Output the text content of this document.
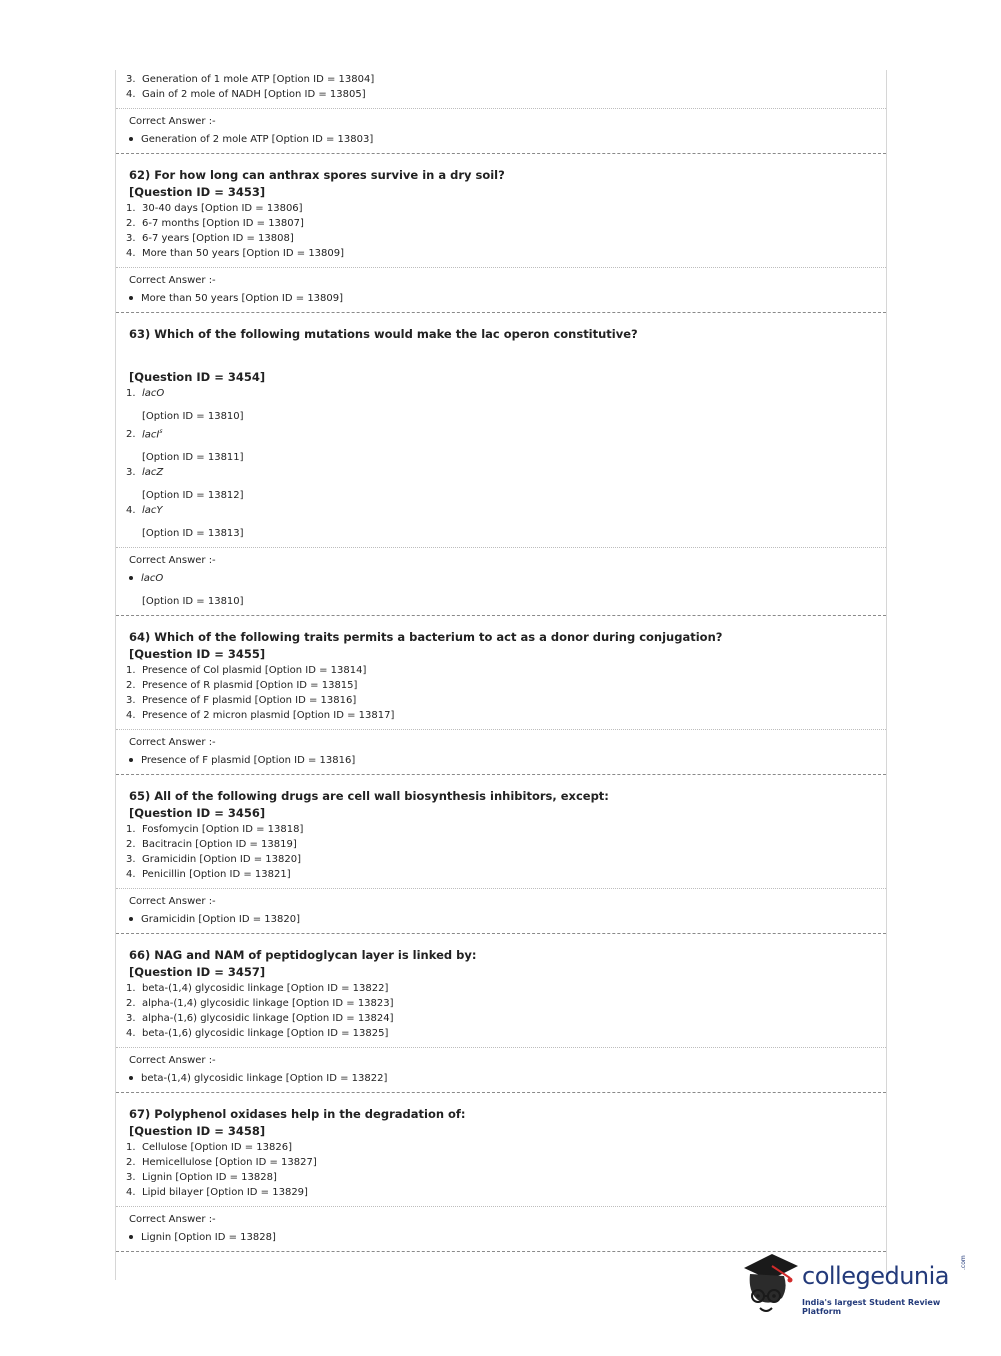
3. Generation of 1 mole ATP [Option ID = 13804]
4. Gain of 2 mole of NADH [Option ID = 13805]
Correct Answer :-
Generation of 2 mole ATP [Option ID = 13803]
62) For how long can anthrax spores survive in a dry soil?
[Question ID = 3453]
1. 30-40 days [Option ID = 13806]
2. 6-7 months [Option ID = 13807]
3. 6-7 years [Option ID = 13808]
4. More than 50 years [Option ID = 13809]
Correct Answer :-
More than 50 years [Option ID = 13809]
63) Which of the following mutations would make the lac operon constitutive?
[Question ID = 3454]
1. lacO
[Option ID = 13810]
2. lacI$^s$
[Option ID = 13811]
3. lacZ
[Option ID = 13812]
4. lacY
[Option ID = 13813]
Correct Answer :-
lacO
[Option ID = 13810]
64) Which of the following traits permits a bacterium to act as a donor during conjugation?
[Question ID = 3455]
1. Presence of Col plasmid [Option ID = 13814]
2. Presence of R plasmid [Option ID = 13815]
3. Presence of F plasmid [Option ID = 13816]
4. Presence of 2 micron plasmid [Option ID = 13817]
Correct Answer :-
Presence of F plasmid [Option ID = 13816]
65) All of the following drugs are cell wall biosynthesis inhibitors, except:
[Question ID = 3456]
1. Fosfomycin [Option ID = 13818]
2. Bacitracin [Option ID = 13819]
3. Gramicidin [Option ID = 13820]
4. Penicillin [Option ID = 13821]
Correct Answer :-
Gramicidin [Option ID = 13820]
66) NAG and NAM of peptidoglycan layer is linked by:
[Question ID = 3457]
1. beta-(1,4) glycosidic linkage [Option ID = 13822]
2. alpha-(1,4) glycosidic linkage [Option ID = 13823]
3. alpha-(1,6) glycosidic linkage [Option ID = 13824]
4. beta-(1,6) glycosidic linkage [Option ID = 13825]
Correct Answer :-
beta-(1,4) glycosidic linkage [Option ID = 13822]
67) Polyphenol oxidases help in the degradation of:
[Question ID = 3458]
1. Cellulose [Option ID = 13826]
2. Hemicellulose [Option ID = 13827]
3. Lignin [Option ID = 13828]
4. Lipid bilayer [Option ID = 13829]
Correct Answer :-
Lignin [Option ID = 13828]
collegedunia .com
India's largest Student Review Platform
